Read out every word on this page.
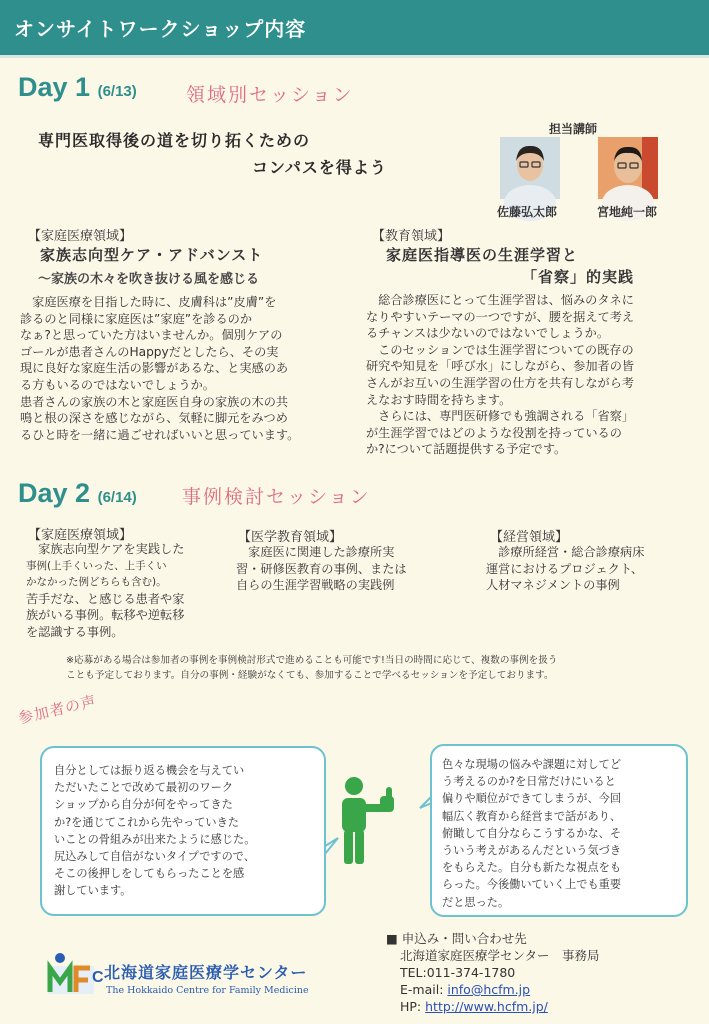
オンサイトワークショップ内容
Day 1 (6/13)	領域別セッション
専門医取得後の道を切り拓くための
コンパスを得よう
担当講師
佐藤弘太郎	宮地純一郎
【家庭医療領域】
家族志向型ケア・アドバンスト
～家族の木々を吹き抜ける風を感じる
　家庭医療を目指した時に、皮膚科は”皮膚”を
診るのと同様に家庭医は”家庭”を診るのか
なぁ?と思っていた方はいませんか。個別ケアの
ゴールが患者さんのHappyだとしたら、その実
現に良好な家庭生活の影響があるな、と実感のあ
る方もいるのではないでしょうか。
患者さんの家族の木と家庭医自身の家族の木の共
鳴と根の深さを感じながら、気軽に脚元をみつめ
るひと時を一緒に過ごせればいいと思っています。
【教育領域】
家庭医指導医の生涯学習と
「省察」的実践
　総合診療医にとって生涯学習は、悩みのタネに
なりやすいテーマの一つですが、腰を据えて考え
るチャンスは少ないのではないでしょうか。
　このセッションでは生涯学習についての既存の
研究や知見を「呼び水」にしながら、参加者の皆
さんがお互いの生涯学習の仕方を共有しながら考
えなおす時間を持ちます。
　さらには、専門医研修でも強調される「省察」
が生涯学習ではどのような役割を持っているの
か?について話題提供する予定です。
Day 2 (6/14) 事例検討セッション
【家庭医療領域】
　家族志向型ケアを実践した
事例(上手くいった、上手くい
かなかった例どちらも含む)。
苦手だな、と感じる患者や家
族がいる事例。転移や逆転移
を認識する事例。
【医学教育領域】
　家庭医に関連した診療所実
習・研修医教育の事例、または
自らの生涯学習戦略の実践例
【経営領域】
　診療所経営・総合診療病床
運営におけるプロジェクト、
人材マネジメントの事例
※応募がある場合は参加者の事例を事例検討形式で進めることも可能です!当日の時間に応じて、複数の事例を扱う
ことも予定しております。自分の事例・経験がなくても、参加することで学べるセッションを予定しております。
参加者の声
自分としては振り返る機会を与えてい
ただいたことで改めて最初のワーク
ショップから自分が何をやってきた
か?を通じてこれから先やっていきた
いことの骨組みが出来たように感じた。
尻込みして自信がないタイプですので、
そこの後押しをしてもらったことを感
謝しています。
色々な現場の悩みや課題に対してど
う考えるのか?を日常だけにいると
偏りや順位ができてしまうが、今回
幅広く教育から経営まで話があり、
俯瞰して自分ならこうするかな、そ
ういう考えがあるんだという気づき
をもらえた。自分も新たな視点をも
らった。今後働いていく上でも重要
だと思った。
C 北海道家庭医療学センター
The Hokkaido Centre for Family Medicine
■ 申込み・問い合わせ先
北海道家庭医療学センター　事務局
TEL:011-374-1780
E-mail: info@hcfm.jp
HP: http://www.hcfm.jp/
